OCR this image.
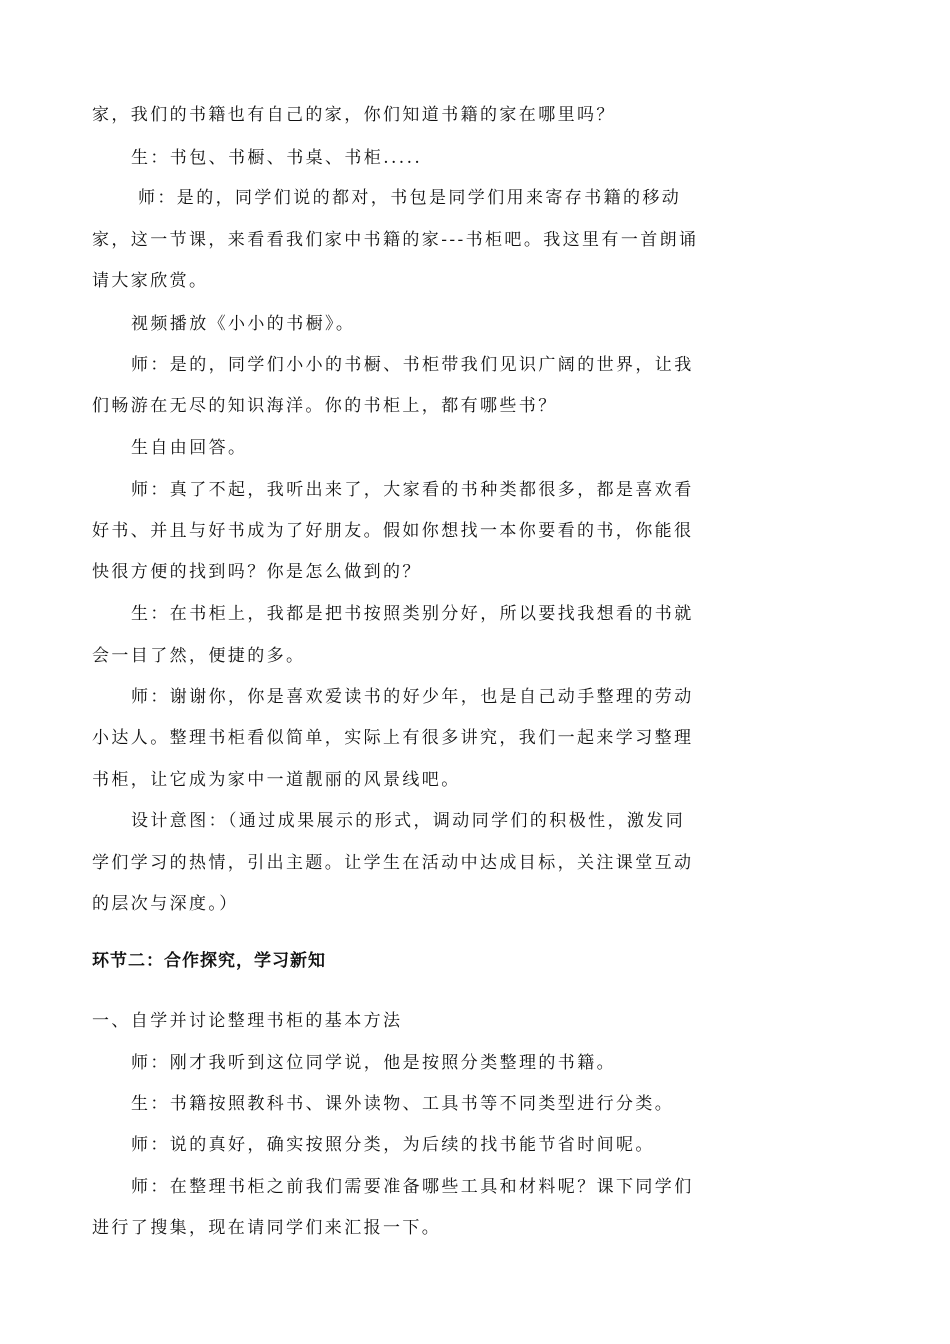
家，我们的书籍也有自己的家，你们知道书籍的家在哪里吗？
生：书包、书橱、书桌、书柜.....
师：是的，同学们说的都对，书包是同学们用来寄存书籍的移动
家，这一节课，来看看我们家中书籍的家---书柜吧。我这里有一首朗诵
请大家欣赏。
视频播放《小小的书橱》。
师：是的，同学们小小的书橱、书柜带我们见识广阔的世界，让我
们畅游在无尽的知识海洋。你的书柜上，都有哪些书？
生自由回答。
师：真了不起，我听出来了，大家看的书种类都很多，都是喜欢看
好书、并且与好书成为了好朋友。假如你想找一本你要看的书，你能很
快很方便的找到吗？你是怎么做到的？
生：在书柜上，我都是把书按照类别分好，所以要找我想看的书就
会一目了然，便捷的多。
师：谢谢你，你是喜欢爱读书的好少年，也是自己动手整理的劳动
小达人。整理书柜看似简单，实际上有很多讲究，我们一起来学习整理
书柜，让它成为家中一道靓丽的风景线吧。
设计意图：（通过成果展示的形式，调动同学们的积极性，激发同
学们学习的热情，引出主题。让学生在活动中达成目标，关注课堂互动
的层次与深度。）
环节二：合作探究，学习新知
一、自学并讨论整理书柜的基本方法
师：刚才我听到这位同学说，他是按照分类整理的书籍。
生：书籍按照教科书、课外读物、工具书等不同类型进行分类。
师：说的真好，确实按照分类，为后续的找书能节省时间呢。
师：在整理书柜之前我们需要准备哪些工具和材料呢？课下同学们
进行了搜集，现在请同学们来汇报一下。
